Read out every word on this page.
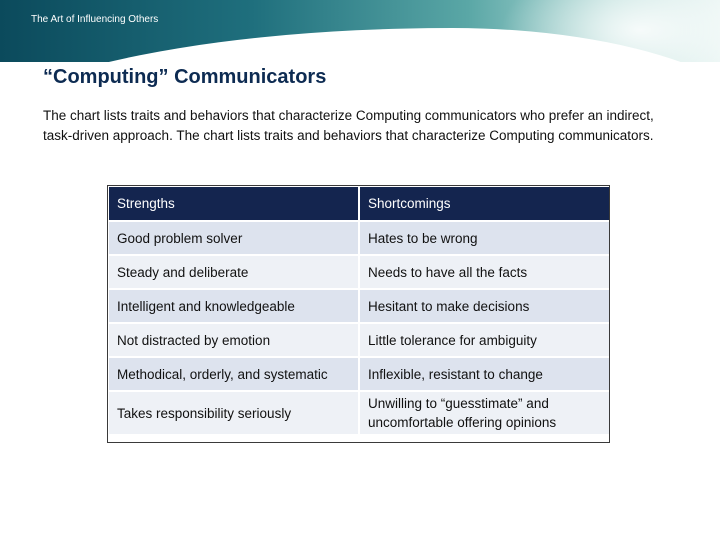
The Art of Influencing Others
“Computing” Communicators
The chart lists traits and behaviors that characterize Computing communicators who prefer an indirect, task-driven approach. The chart lists traits and behaviors that characterize Computing communicators.
Strengths	Shortcomings
Good problem solver	Hates to be wrong
Steady and deliberate	Needs to have all the facts
Intelligent and knowledgeable	Hesitant to make decisions
Not distracted by emotion	Little tolerance for ambiguity
Methodical, orderly, and systematic	Inflexible, resistant to change
Takes responsibility seriously	Unwilling to “guesstimate” and uncomfortable offering opinions
